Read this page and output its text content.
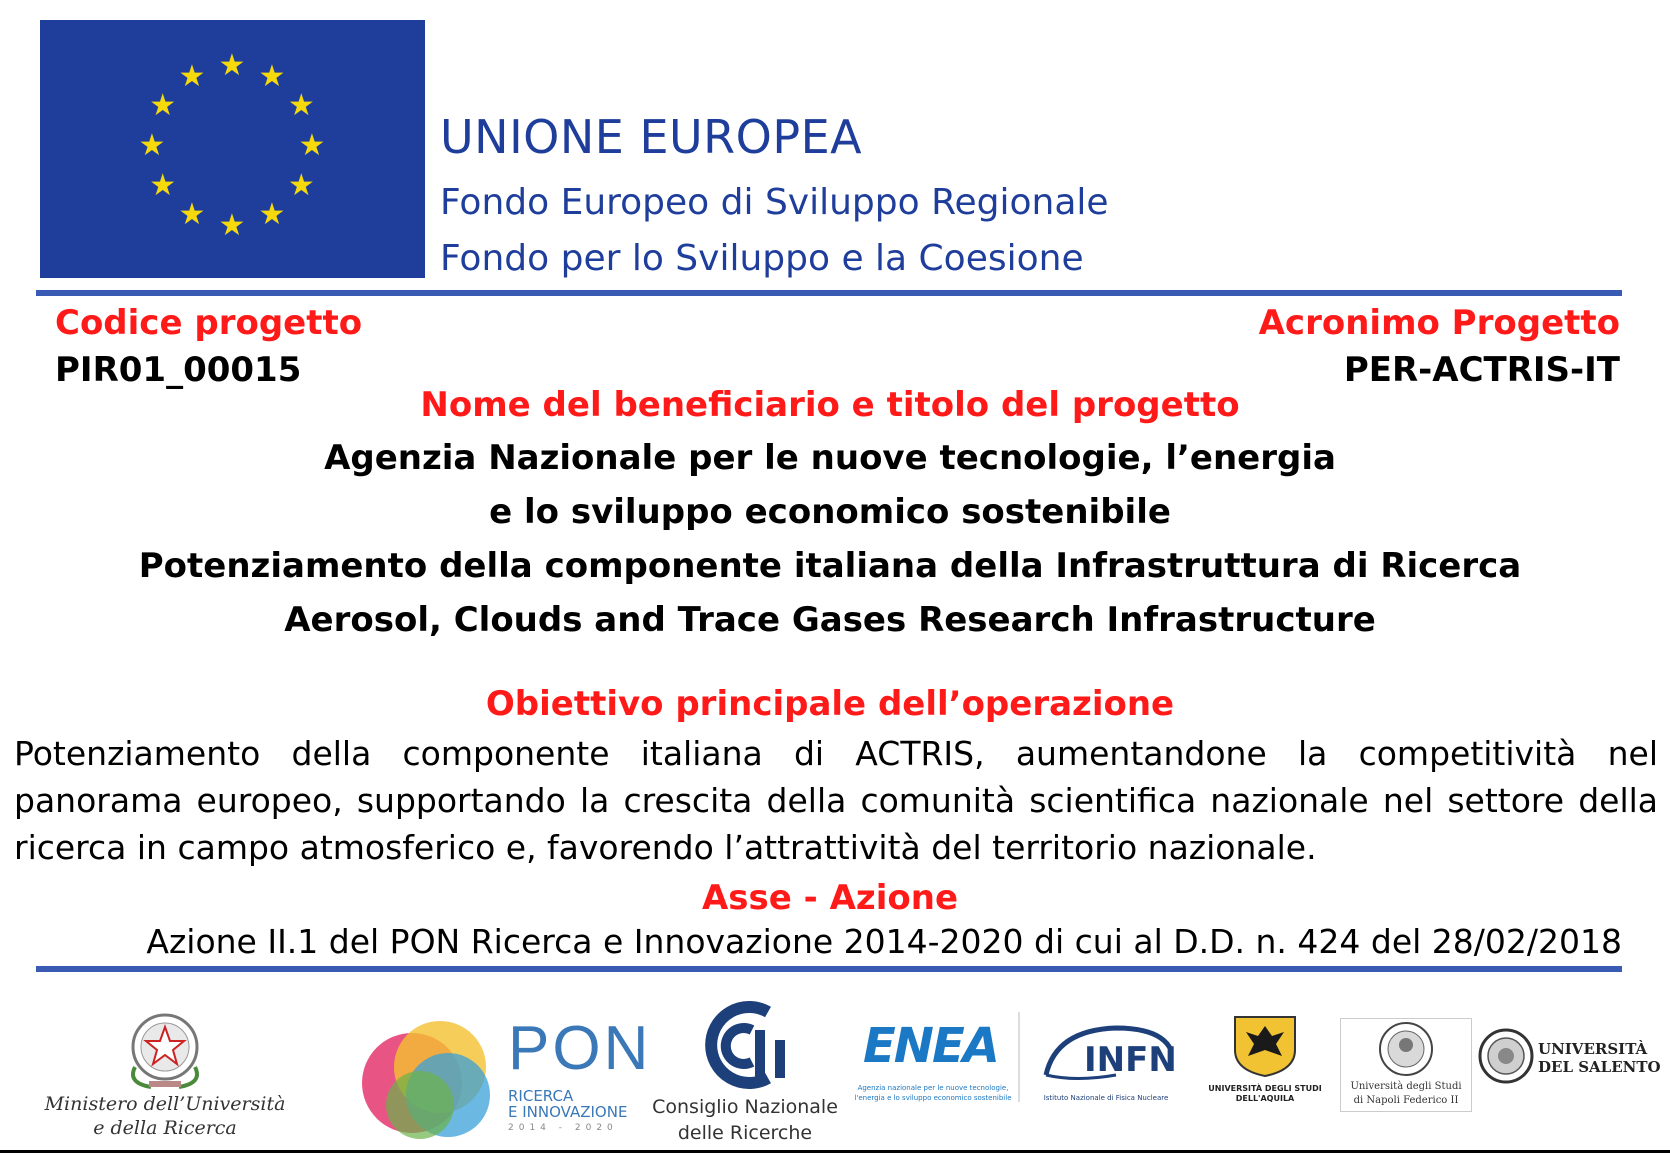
★ ★
★
★
★
★
★
★
★
★
★
★
UNIONE EUROPEA
Fondo Europeo di Sviluppo Regionale
Fondo per lo Sviluppo e la Coesione
Codice progetto
PIR01_00015
Acronimo Progetto
PER-ACTRIS-IT
Nome del beneficiario e titolo del progetto
Agenzia Nazionale per le nuove tecnologie, l’energia
e lo sviluppo economico sostenibile
Potenziamento della componente italiana della Infrastruttura di Ricerca
Aerosol, Clouds and Trace Gases Research Infrastructure
Obiettivo principale dell’operazione
Potenziamento della componente italiana di ACTRIS, aumentandone la competitività nel
panorama europeo, supportando la crescita della comunità scientifica nazionale nel settore della
ricerca in campo atmosferico e, favorendo l’attrattività del territorio nazionale.
Asse - Azione
Azione II.1 del PON Ricerca e Innovazione 2014-2020 di cui al D.D. n. 424 del 28/02/2018
Ministero dell’Università
e della Ricerca
PON
RICERCA
E INNOVAZIONE
2014 - 2020
Consiglio Nazionale
delle Ricerche
ENEA
Agenzia nazionale per le nuove tecnologie,
l'energia e lo sviluppo economico sostenibile
INFN
Istituto Nazionale di Fisica Nucleare
UNIVERSITÀ DEGLI STUDI
DELL'AQUILA
Università degli Studi
di Napoli Federico II
UNIVERSITÀ
DEL SALENTO
